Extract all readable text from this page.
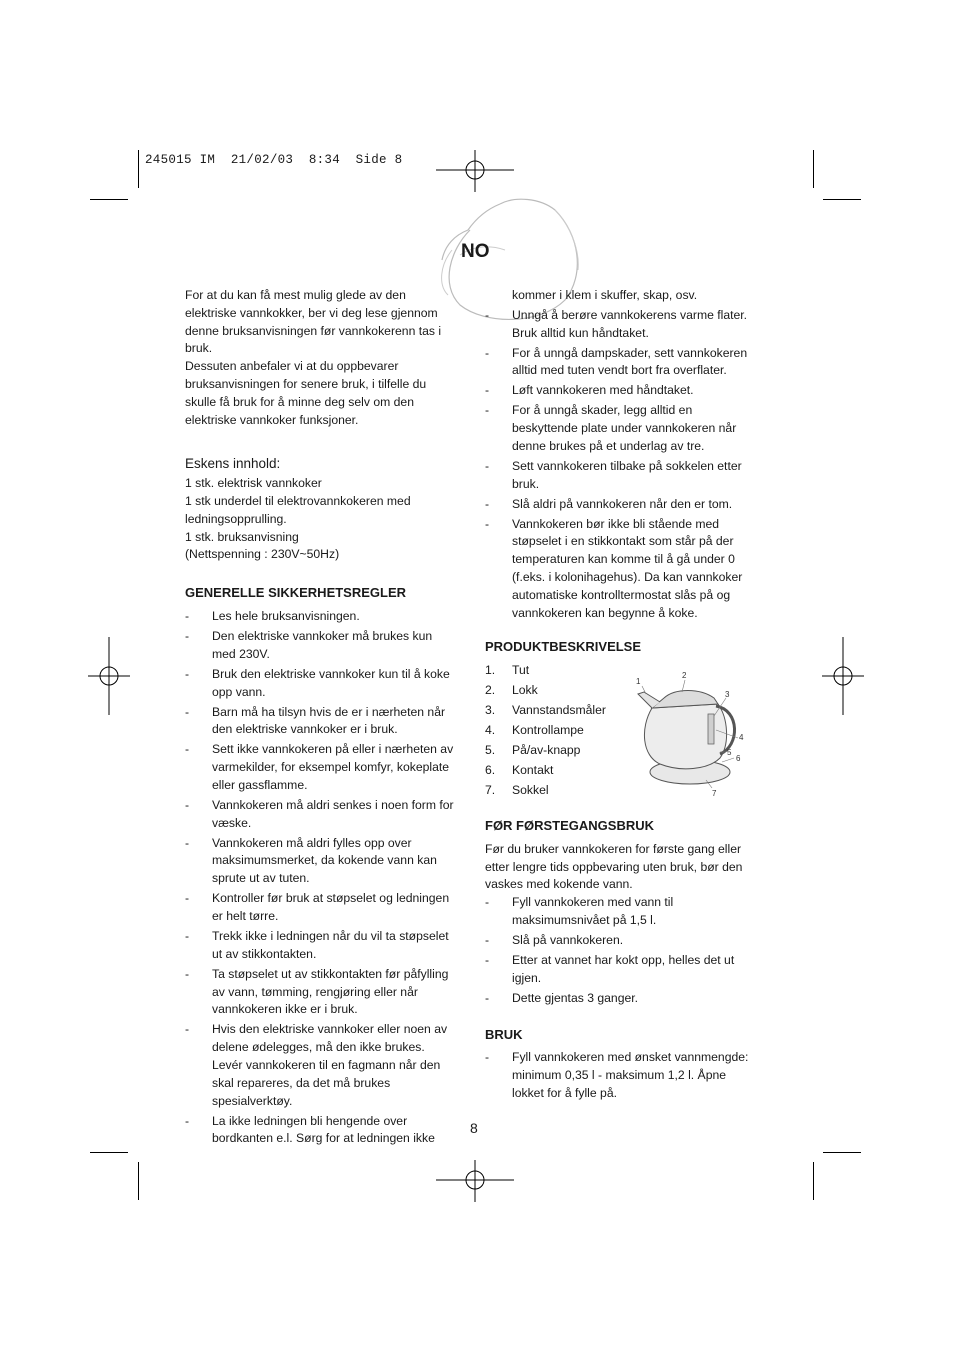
245015 IM  21/02/03  8:34  Side 8
NO

For at du kan få mest mulig glede av den elektriske vannkokker, ber vi deg lese gjennom denne bruksanvisningen før vannkokerenn tas i bruk.

Dessuten anbefaler vi at du oppbevarer bruksanvisningen for senere bruk, i tilfelle du skulle få bruk for å minne deg selv om den elektriske vannkoker funksjoner.

Eskens innhold:

1 stk. elektrisk vannkoker

1 stk underdel til elektrovannkokeren med ledningsopprulling.

1 stk. bruksanvisning

(Nettspenning : 230V~50Hz)

GENERELLE SIKKERHETSREGLER
- Les hele bruksanvisningen.
- Den elektriske vannkoker må brukes kun med 230V.
- Bruk den elektriske vannkoker kun til å koke opp vann.
- Barn må ha tilsyn hvis de er i nærheten når den elektriske vannkoker er i bruk.
- Sett ikke vannkokeren på eller i nærheten av varmekilder, for eksempel komfyr, kokeplate eller gassflamme.
- Vannkokeren må aldri senkes i noen form for væske.
- Vannkokeren må aldri fylles opp over maksimumsmerket, da kokende vann kan sprute ut av tuten.
- Kontroller før bruk at støpselet og ledningen er helt tørre.
- Trekk ikke i ledningen når du vil ta støpselet ut av stikkontakten.
- Ta støpselet ut av stikkontakten før påfylling av vann, tømming, rengjøring eller når vannkokeren ikke er i bruk.
- Hvis den elektriske vannkoker eller noen av delene ødelegges, må den ikke brukes. Levér vannkokeren til en fagmann når den skal repareres, da det må brukes spesialverktøy.
- La ikke ledningen bli hengende over bordkanten e.l. Sørg for at ledningen ikke

kommer i klem i skuffer, skap, osv.

- Unngå å berøre vannkokerens varme flater. Bruk alltid kun håndtaket.
- For å unngå dampskader, sett vannkokeren alltid med tuten vendt bort fra overflater.
- Løft vannkokeren med håndtaket.
- For å unngå skader, legg alltid en beskyttende plate under vannkokeren når denne brukes på et underlag av tre.
- Sett vannkokeren tilbake på sokkelen etter bruk.
- Slå aldri på vannkokeren når den er tom.
- Vannkokeren bør ikke bli stående med støpselet i en stikkontakt som står på der temperaturen kan komme til å gå under 0 (f.eks. i kolonihagehus). Da kan vannkoker automatiske kontrolltermostat slås på og vannkokeren kan begynne å koke.
PRODUKTBESKRIVELSE
1. Tut
2. Lokk
3. Vannstandsmåler
4. Kontrollampe
5. På/av-knapp
6. Kontakt
7. Sokkel
FØR FØRSTEGANGSBRUK

Før du bruker vannkokeren for første gang eller etter lengre tids oppbevaring uten bruk, bør den vaskes med kokende vann.

- Fyll vannkokeren med vann til maksimumsnivået på 1,5 l.
- Slå på vannkokeren.
- Etter at vannet har kokt opp, helles det ut igjen.
- Dette gjentas 3 ganger.
BRUK
- Fyll vannkokeren med ønsket vannmengde: minimum 0,35 l - maksimum 1,2 l. Åpne lokket for å fylle på.
1
2
3
4
5
6
7
8
